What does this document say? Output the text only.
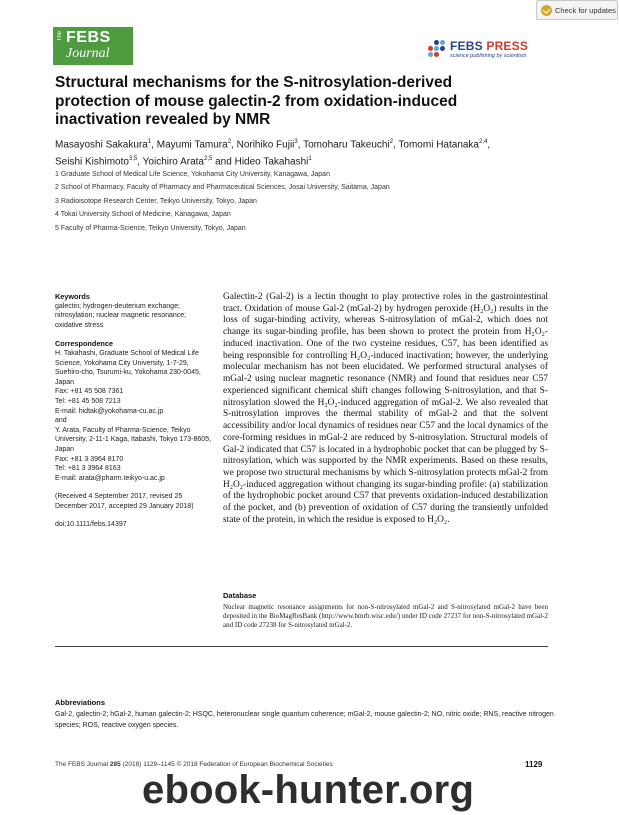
Check for updates
The FEBS
Journal	FEBS PRESS
science publishing by scientists
Structural mechanisms for the S-nitrosylation-derived protection of mouse galectin-2 from oxidation-induced inactivation revealed by NMR
Masayoshi Sakakura$^1$, Mayumi Tamura$^2$, Norihiko Fujii$^3$, Tomoharu Takeuchi$^2$, Tomomi Hatanaka$^{2,4}$, Seishi Kishimoto$^{3,5}$, Yoichiro Arata$^{2,5}$ and Hideo Takahashi$^1$
1 Graduate School of Medical Life Science, Yokohama City University, Kanagawa, Japan
2 School of Pharmacy, Faculty of Pharmacy and Pharmaceutical Sciences, Josai University, Saitama, Japan
3 Radioisotope Research Center, Teikyo University, Tokyo, Japan
4 Tokai University School of Medicine, Kanagawa, Japan
5 Faculty of Pharma-Science, Teikyo University, Tokyo, Japan
Keywords
galectin; hydrogen-deuterium exchange; nitrosylation; nuclear magnetic resonance; oxidative stress
Correspondence
H. Takahashi, Graduate School of Medical Life Science, Yokohama City University, 1-7-29, Suehiro-cho, Tsurumi-ku, Yokohama 230-0045, Japan
Fax: +81 45 508 7361
Tel: +81 45 508 7213
E-mail: hidtak@yokohama-cu.ac.jp
and
Y. Arata, Faculty of Pharma-Science, Teikyo University, 2-11-1 Kaga, Itabashi, Tokyo 173-8605, Japan
Fax: +81 3 3964 8170
Tel: +81 3 3964 8163
E-mail: arata@pharm.teikyo-u.ac.jp
(Received 4 September 2017, revised 25 December 2017, accepted 29 January 2018)
doi:10.1111/febs.14397
Galectin-2 (Gal-2) is a lectin thought to play protective roles in the gastrointestinal tract. Oxidation of mouse Gal-2 (mGal-2) by hydrogen peroxide (H₂O₂) results in the loss of sugar-binding activity, whereas S-nitrosylation of mGal-2, which does not change its sugar-binding profile, has been shown to protect the protein from H₂O₂-induced inactivation. One of the two cysteine residues, C57, has been identified as being responsible for controlling H₂O₂-induced inactivation; however, the underlying molecular mechanism has not been elucidated. We performed structural analyses of mGal-2 using nuclear magnetic resonance (NMR) and found that residues near C57 experienced significant chemical shift changes following S-nitrosylation, and that S-nitrosylation slowed the H₂O₂-induced aggregation of mGal-2. We also revealed that S-nitrosylation improves the thermal stability of mGal-2 and that the solvent accessibility and/or local dynamics of residues near C57 and the local dynamics of the core-forming residues in mGal-2 are reduced by S-nitrosylation. Structural models of Gal-2 indicated that C57 is located in a hydrophobic pocket that can be plugged by S-nitrosylation, which was supported by the NMR experiments. Based on these results, we propose two structural mechanisms by which S-nitrosylation protects mGal-2 from H₂O₂-induced aggregation without changing its sugar-binding profile: (a) stabilization of the hydrophobic pocket around C57 that prevents oxidation-induced destabilization of the pocket, and (b) prevention of oxidation of C57 during the transiently unfolded state of the protein, in which the residue is exposed to H₂O₂.
Database
Nuclear magnetic resonance assignments for non-S-nitrosylated mGal-2 and S-nitrosylated mGal-2 have been deposited in the BioMagResBank (http://www.bmrb.wisc.edu/) under ID code 27237 for non-S-nitrosylated mGal-2 and ID code 27238 for S-nitrosylated mGal-2.
Abbreviations
Gal-2, galectin-2; hGal-2, human galectin-2; HSQC, heteronuclear single quantum coherence; mGal-2, mouse galectin-2; NO, nitric oxide; RNS, reactive nitrogen species; ROS, reactive oxygen species.
The FEBS Journal 285 (2018) 1129–1145 © 2018 Federation of European Biochemical Societies	1129
ebook-hunter.org
